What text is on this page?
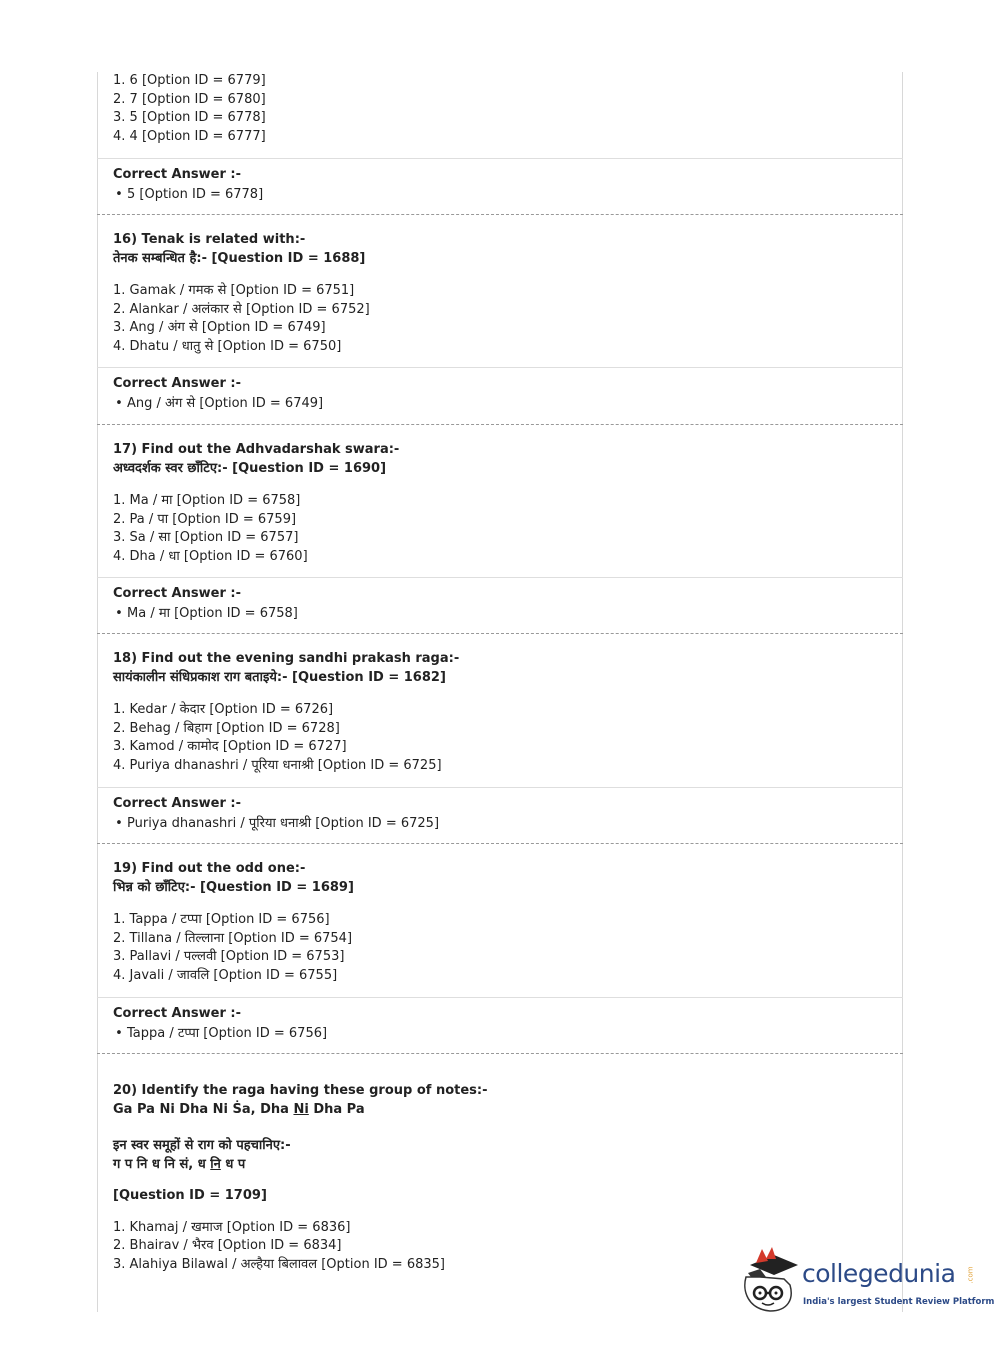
1. 6 [Option ID = 6779]
2. 7 [Option ID = 6780]
3. 5 [Option ID = 6778]
4. 4 [Option ID = 6777]
Correct Answer :-
• 5 [Option ID = 6778]
16) Tenak is related with:-
तेनक सम्बन्धित है:- [Question ID = 1688]
1. Gamak / गमक से [Option ID = 6751]
2. Alankar / अलंकार से [Option ID = 6752]
3. Ang / अंग से [Option ID = 6749]
4. Dhatu / धातु से [Option ID = 6750]
Correct Answer :-
• Ang / अंग से [Option ID = 6749]
17) Find out the Adhvadarshak swara:-
अध्वदर्शक स्वर छाँटिए:- [Question ID = 1690]
1. Ma / मा [Option ID = 6758]
2. Pa / पा [Option ID = 6759]
3. Sa / सा [Option ID = 6757]
4. Dha / धा [Option ID = 6760]
Correct Answer :-
• Ma / मा [Option ID = 6758]
18) Find out the evening sandhi prakash raga:-
सायंकालीन संधिप्रकाश राग बताइये:- [Question ID = 1682]
1. Kedar / केदार [Option ID = 6726]
2. Behag / बिहाग [Option ID = 6728]
3. Kamod / कामोद [Option ID = 6727]
4. Puriya dhanashri / पूरिया धनाश्री [Option ID = 6725]
Correct Answer :-
• Puriya dhanashri / पूरिया धनाश्री [Option ID = 6725]
19) Find out the odd one:-
भिन्न को छाँटिए:- [Question ID = 1689]
1. Tappa / टप्पा [Option ID = 6756]
2. Tillana / तिल्लाना [Option ID = 6754]
3. Pallavi / पल्लवी [Option ID = 6753]
4. Javali / जावलि [Option ID = 6755]
Correct Answer :-
• Tappa / टप्पा [Option ID = 6756]
20) Identify the raga having these group of notes:-
Ga Pa Ni Dha Ni Ṡa, Dha Ni Dha Pa
इन स्वर समूहों से राग को पहचानिए:-
ग प नि ध नि सं, ध नि ध प
[Question ID = 1709]
1. Khamaj / खमाज [Option ID = 6836]
2. Bhairav / भैरव [Option ID = 6834]
3. Alahiya Bilawal / अल्हैया बिलावल [Option ID = 6835]	collegedunia .com
India's largest Student Review Platform
